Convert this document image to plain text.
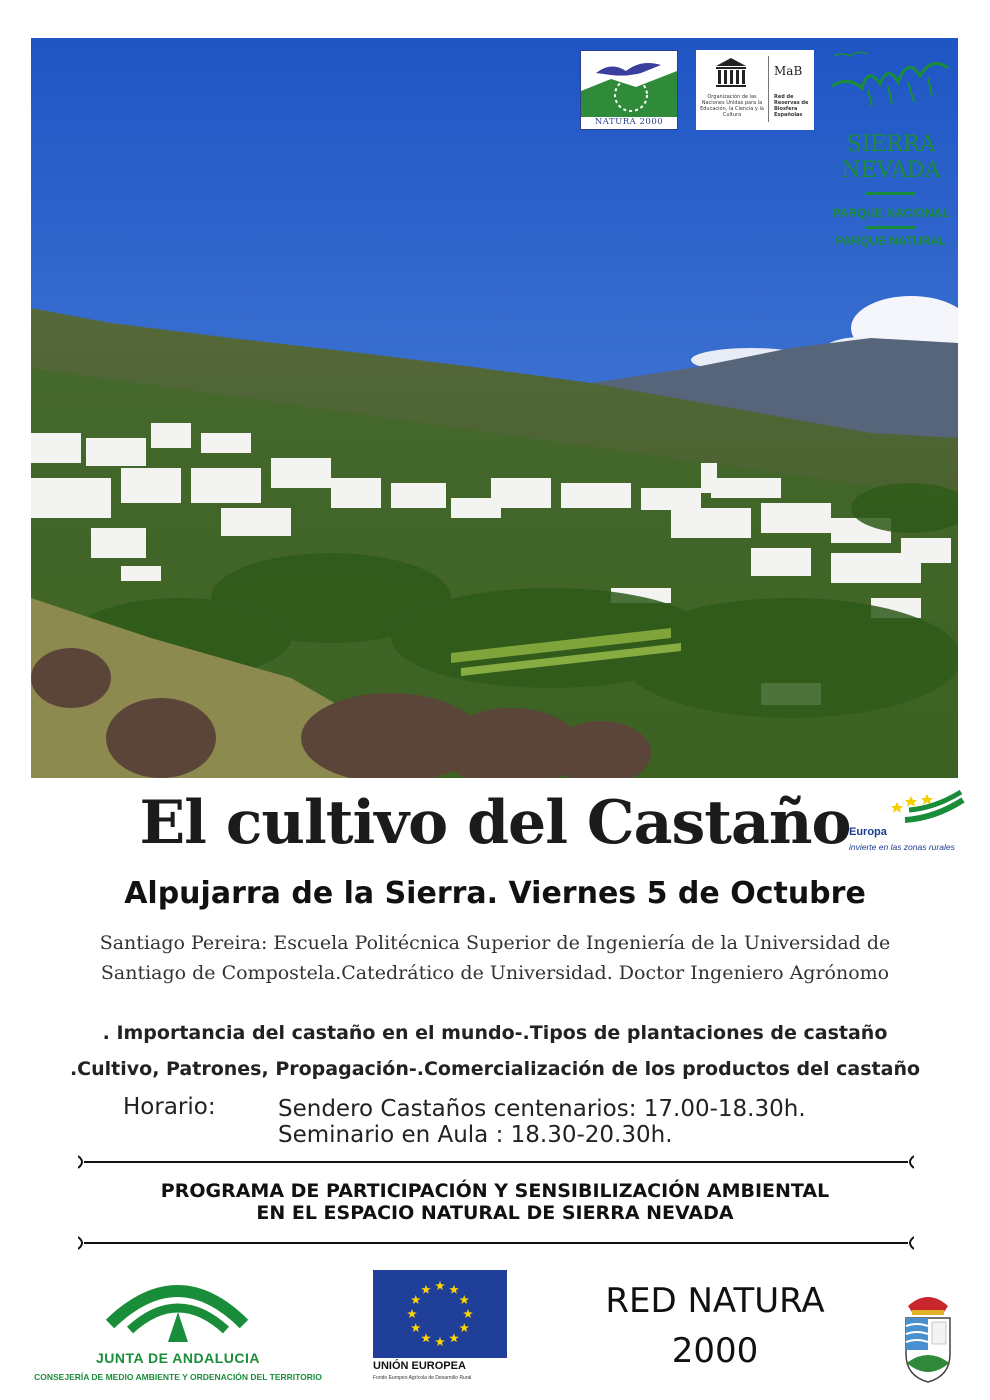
NATURA 2000
MaB
Organización de las Naciones Unidas para la Educación, la Ciencia y la Cultura
Red de Reservas de Biosfera Españolas
SIERRA
NEVADA
PARQUE NACIONAL
PARQUE NATURAL
El cultivo del Castaño
Europa
invierte en las zonas rurales
Alpujarra de la Sierra. Viernes 5 de Octubre
Santiago Pereira: Escuela Politécnica Superior de Ingeniería de la Universidad de
Santiago de Compostela.Catedrático de Universidad. Doctor Ingeniero Agrónomo
. Importancia del castaño en el mundo-.Tipos de plantaciones de castaño
.Cultivo, Patrones, Propagación-.Comercialización de los productos del castaño
Horario:	Sendero Castaños centenarios: 17.00-18.30h.
Seminario en Aula : 18.30-20.30h.
PROGRAMA DE PARTICIPACIÓN Y SENSIBILIZACIÓN AMBIENTAL
EN EL ESPACIO NATURAL DE SIERRA NEVADA
JUNTA DE ANDALUCIA
CONSEJERÍA DE MEDIO AMBIENTE Y ORDENACIÓN DEL TERRITORIO
UNIÓN EUROPEA
Fondo Europeo Agrícola de Desarrollo Rural
RED NATURA
2000
